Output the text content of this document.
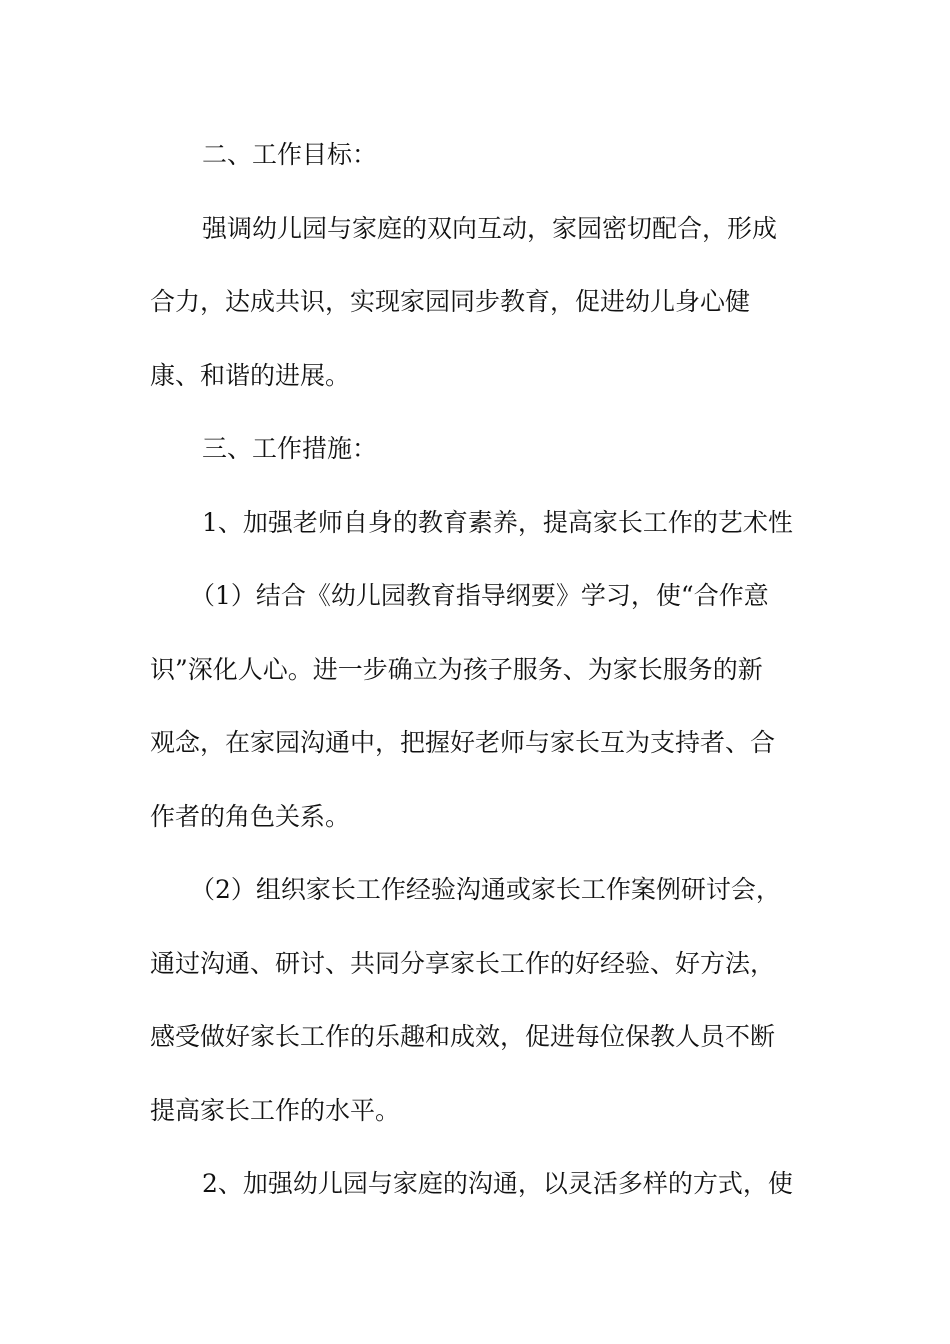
二、工作目标：
强调幼儿园与家庭的双向互动，家园密切配合，形成
合力，达成共识，实现家园同步教育，促进幼儿身心健
康、和谐的进展。
三、工作措施：
1、加强老师自身的教育素养，提高家长工作的艺术性
（1）结合《幼儿园教育指导纲要》学习，使“合作意
识”深化人心。进一步确立为孩子服务、为家长服务的新
观念，在家园沟通中，把握好老师与家长互为支持者、合
作者的角色关系。
（2）组织家长工作经验沟通或家长工作案例研讨会，
通过沟通、研讨、共同分享家长工作的好经验、好方法，
感受做好家长工作的乐趣和成效，促进每位保教人员不断
提高家长工作的水平。
2、加强幼儿园与家庭的沟通，以灵活多样的方式，使
